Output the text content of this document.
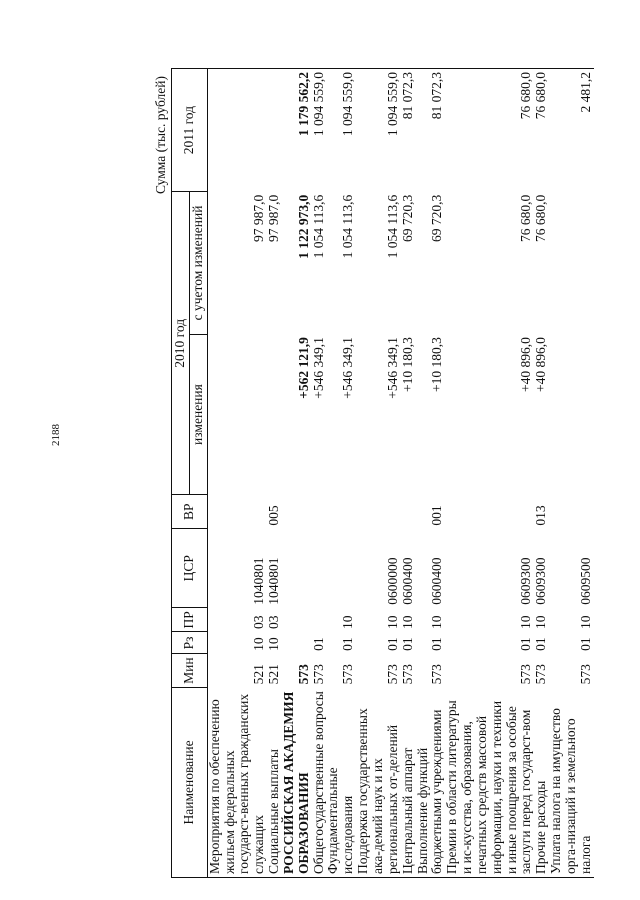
2188
Сумма (тыс. рублей)
Наименование	Мин	Рз	ПР	ЦСР	ВР	2010 год		2011 год
						изменения	с учетом изменений	
Мероприятия по обеспечению жильем федеральных государст-венных гражданских служащих	521	10	03	1040801			97 987,0	
Социальные выплаты	521	10	03	1040801	005		97 987,0	
РОССИЙСКАЯ АКАДЕМИЯ ОБРАЗОВАНИЯ	573					+562 121,9	1 122 973,0	1 179 562,2
Общегосударственные вопросы	573	01				+546 349,1	1 054 113,6	1 094 559,0
Фундаментальные исследования	573	01	10			+546 349,1	1 054 113,6	1 094 559,0
Поддержка государственных ака-демий наук и их региональных от-делений	573	01	10	0600000		+546 349,1	1 054 113,6	1 094 559,0
Центральный аппарат	573	01	10	0600400		+10 180,3	69 720,3	81 072,3
Выполнение функций бюджетными учреждениями	573	01	10	0600400	001	+10 180,3	69 720,3	81 072,3
Премии в области литературы и ис-кусства, образования, печатных средств массовой информации, науки и техники и иные поощрения за особые заслуги перед государст-вом	573	01	10	0609300		+40 896,0	76 680,0	76 680,0
Прочие расходы	573	01	10	0609300	013	+40 896,0	76 680,0	76 680,0
Уплата налога на имущество орга-низаций и земельного налога	573	01	10	0609500				2 481,2
